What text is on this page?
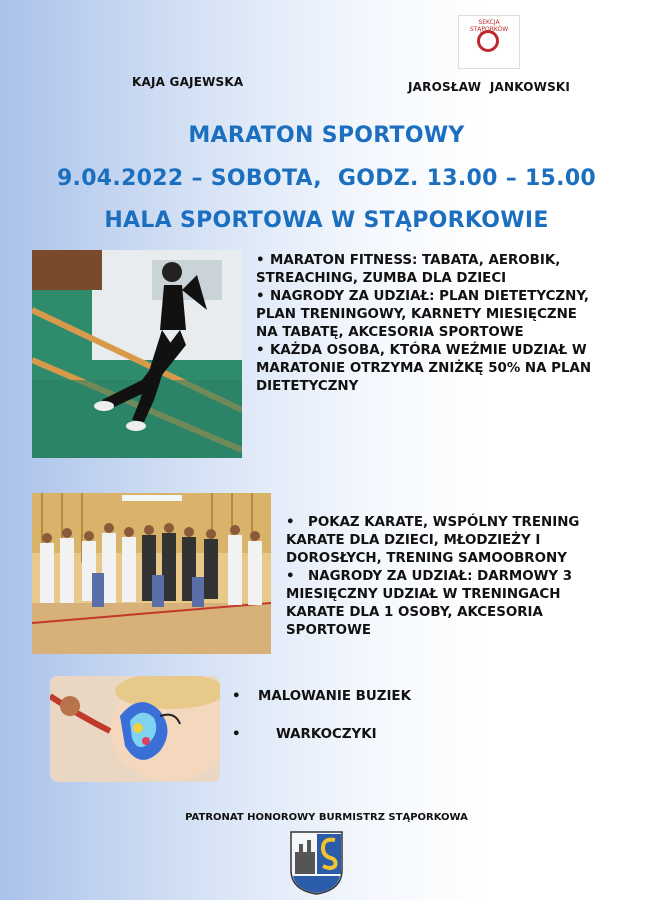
SEKCJA STĄPORKÓW
KAJA GAJEWSKA	JAROSŁAW  JANKOWSKI
MARATON SPORTOWY
9.04.2022 – SOBOTA,  GODZ. 13.00 – 15.00
HALA SPORTOWA W STĄPORKOWIE
• MARATON FITNESS: TABATA, AEROBIK, STREACHING, ZUMBA DLA DZIECI
• NAGRODY ZA UDZIAŁ: PLAN DIETETYCZNY, PLAN TRENINGOWY, KARNETY MIESIĘCZNE NA TABATĘ, AKCESORIA SPORTOWE
• KAŻDA OSOBA, KTÓRA WEŹMIE UDZIAŁ W MARATONIE OTRZYMA ZNIŻKĘ 50% NA PLAN DIETETYCZNY
• POKAZ KARATE, WSPÓLNY TRENING KARATE DLA DZIECI, MŁODZIEŻY I DOROSŁYCH, TRENING SAMOOBRONY
• NAGRODY ZA UDZIAŁ: DARMOWY 3 MIESIĘCZNY UDZIAŁ W TRENINGACH KARATE DLA 1 OSOBY, AKCESORIA SPORTOWE
• MALOWANIE BUZIEK
•	WARKOCZYKI
PATRONAT HONOROWY BURMISTRZ STĄPORKOWA
